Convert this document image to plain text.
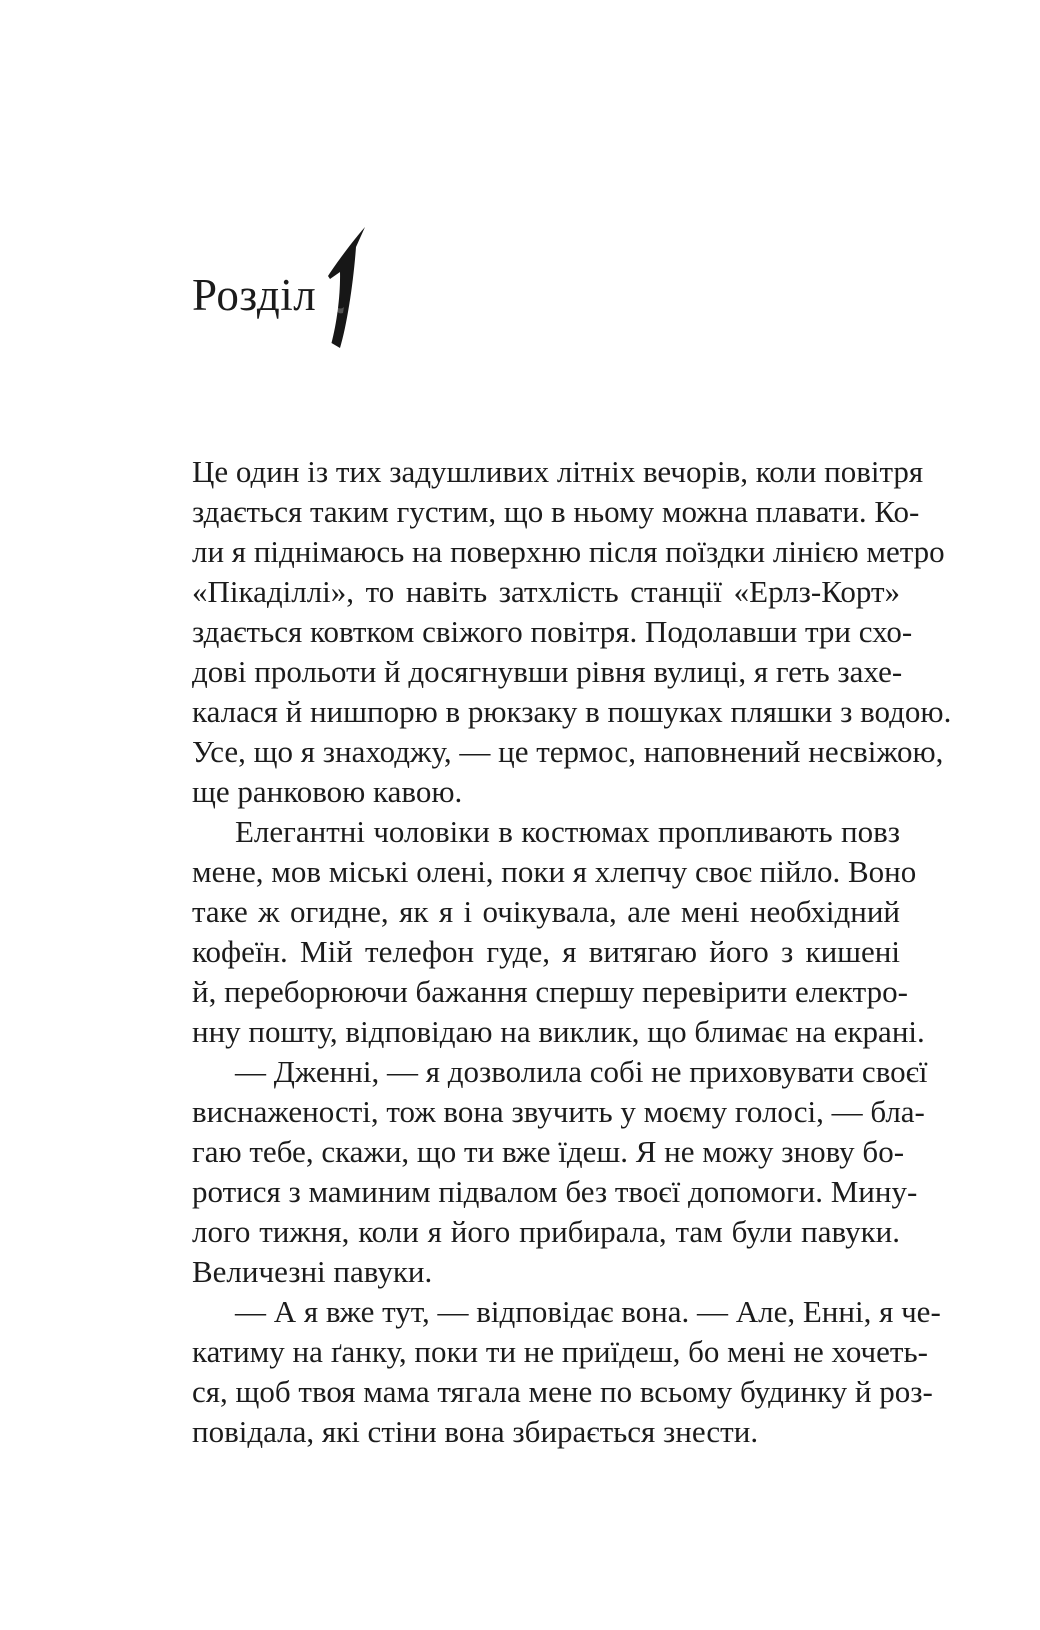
Розділ
Це один із тих задушливих літніх вечорів, коли повітря
здається таким густим, що в ньому можна плавати. Ко-
ли я піднімаюсь на поверхню після поїздки лінією метро
«Пікаділлі», то навіть затхлість станції «Ерлз-Корт»
здається ковтком свіжого повітря. Подолавши три схо-
дові прольоти й досягнувши рівня вулиці, я геть захе-
калася й нишпорю в рюкзаку в пошуках пляшки з водою.
Усе, що я знаходжу, — це термос, наповнений несвіжою,
ще ранковою кавою.
Елегантні чоловіки в костюмах пропливають повз
мене, мов міські олені, поки я хлепчу своє пійло. Воно
таке ж огидне, як я і очікувала, але мені необхідний
кофеїн. Мій телефон гуде, я витягаю його з кишені
й, переборюючи бажання спершу перевірити електро-
нну пошту, відповідаю на виклик, що блимає на екрані.
— Дженні, — я дозволила собі не приховувати своєї
виснаженості, тож вона звучить у моєму голосі, — бла-
гаю тебе, скажи, що ти вже їдеш. Я не можу знову бо-
ротися з маминим підвалом без твоєї допомоги. Мину-
лого тижня, коли я його прибирала, там були павуки.
Величезні павуки.
— А я вже тут, — відповідає вона. — Але, Енні, я че-
катиму на ґанку, поки ти не приїдеш, бо мені не хочеть-
ся, щоб твоя мама тягала мене по всьому будинку й роз-
повідала, які стіни вона збирається знести.
